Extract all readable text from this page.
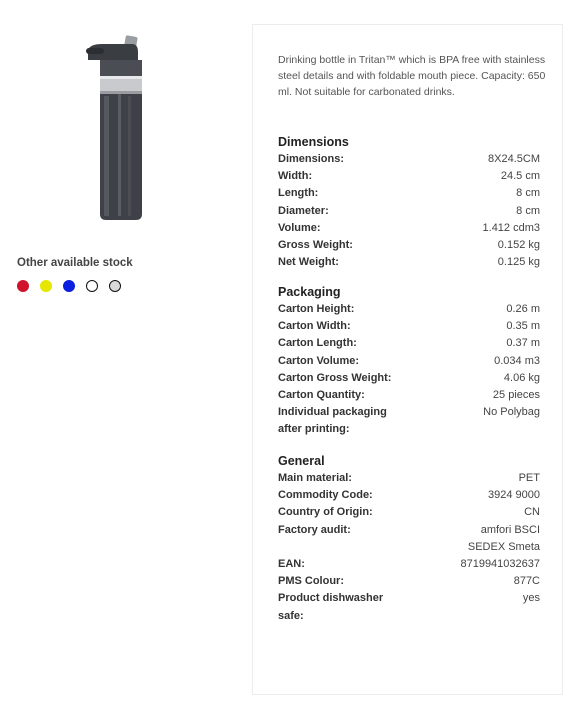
Other available stock
Drinking bottle in Tritan™ which is BPA free with stainless steel details and with foldable mouth piece. Capacity: 650 ml. Not suitable for carbonated drinks.
Dimensions
Dimensions:	8X24.5CM
Width:	24.5 cm
Length:	8 cm
Diameter:	8 cm
Volume:	1.412 cdm3
Gross Weight:	0.152 kg
Net Weight:	0.125 kg
Packaging
Carton Height:	0.26 m
Carton Width:	0.35 m
Carton Length:	0.37 m
Carton Volume:	0.034 m3
Carton Gross Weight:	4.06 kg
Carton Quantity:	25 pieces
Individual packaging after printing:
No Polybag
General
Main material:	PET
Commodity Code:	3924 9000
Country of Origin:	CN
Factory audit:	amfori BSCI
SEDEX Smeta
EAN:	8719941032637
PMS Colour:	877C
Product dishwasher safe:
yes
